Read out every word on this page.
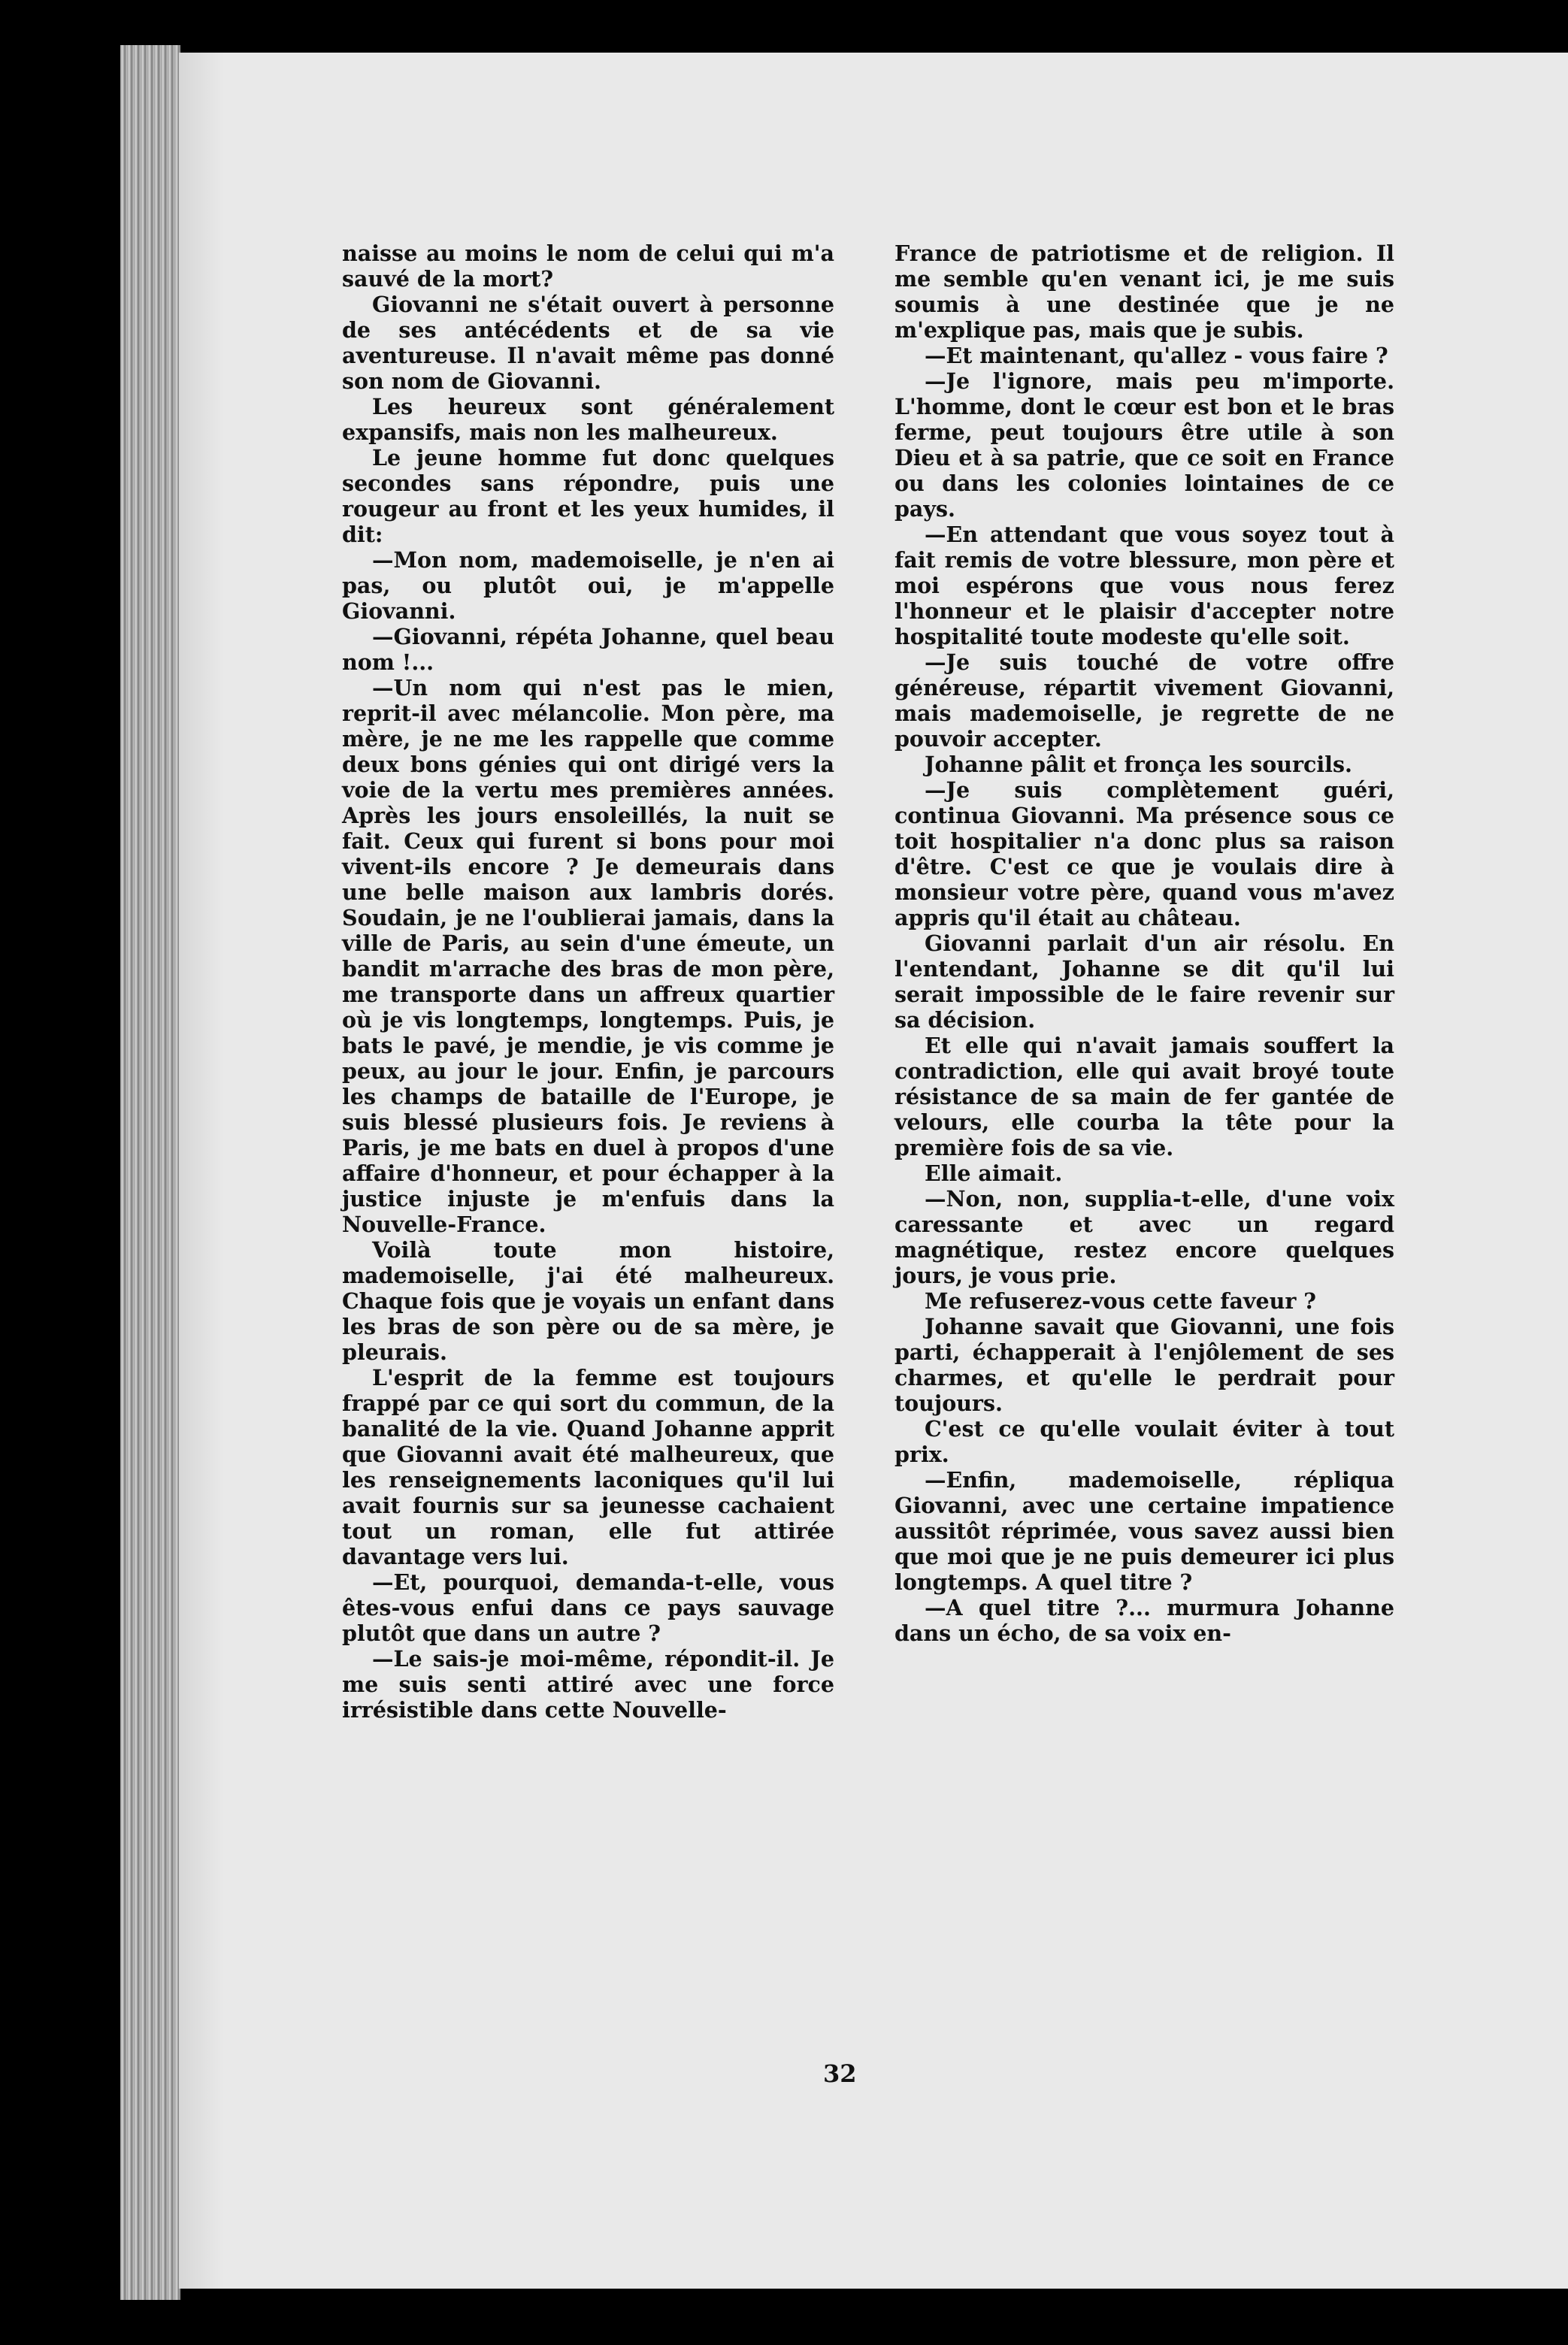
naisse au moins le nom de celui qui m'a sauvé de la mort?

Giovanni ne s'était ouvert à personne de ses antécédents et de sa vie aventureuse. Il n'avait même pas donné son nom de Giovanni.

Les heureux sont généralement expansifs, mais non les malheureux.

Le jeune homme fut donc quelques secondes sans répondre, puis une rougeur au front et les yeux humides, il dit:

—Mon nom, mademoiselle, je n'en ai pas, ou plutôt oui, je m'appelle Giovanni.

—Giovanni, répéta Johanne, quel beau nom !...

—Un nom qui n'est pas le mien, reprit-il avec mélancolie. Mon père, ma mère, je ne me les rappelle que comme deux bons génies qui ont dirigé vers la voie de la vertu mes premières années. Après les jours ensoleillés, la nuit se fait. Ceux qui furent si bons pour moi vivent-ils encore ? Je demeurais dans une belle maison aux lambris dorés. Soudain, je ne l'oublierai jamais, dans la ville de Paris, au sein d'une émeute, un bandit m'arrache des bras de mon père, me transporte dans un affreux quartier où je vis longtemps, longtemps. Puis, je bats le pavé, je mendie, je vis comme je peux, au jour le jour. Enfin, je parcours les champs de bataille de l'Europe, je suis blessé plusieurs fois. Je reviens à Paris, je me bats en duel à propos d'une affaire d'honneur, et pour échapper à la justice injuste je m'enfuis dans la Nouvelle-France.

Voilà toute mon histoire, mademoiselle, j'ai été malheureux. Chaque fois que je voyais un enfant dans les bras de son père ou de sa mère, je pleurais.

L'esprit de la femme est toujours frappé par ce qui sort du commun, de la banalité de la vie. Quand Johanne apprit que Giovanni avait été malheureux, que les renseignements laconiques qu'il lui avait fournis sur sa jeunesse cachaient tout un roman, elle fut attirée davantage vers lui.

—Et, pourquoi, demanda-t-elle, vous êtes-vous enfui dans ce pays sauvage plutôt que dans un autre ?

—Le sais-je moi-même, répondit-il. Je me suis senti attiré avec une force irrésistible dans cette Nouvelle-

France de patriotisme et de religion. Il me semble qu'en venant ici, je me suis soumis à une destinée que je ne m'explique pas, mais que je subis.

—Et maintenant, qu'allez - vous faire ?

—Je l'ignore, mais peu m'importe. L'homme, dont le cœur est bon et le bras ferme, peut toujours être utile à son Dieu et à sa patrie, que ce soit en France ou dans les colonies lointaines de ce pays.

—En attendant que vous soyez tout à fait remis de votre blessure, mon père et moi espérons que vous nous ferez l'honneur et le plaisir d'accepter notre hospitalité toute modeste qu'elle soit.

—Je suis touché de votre offre généreuse, répartit vivement Giovanni, mais mademoiselle, je regrette de ne pouvoir accepter.

Johanne pâlit et fronça les sourcils.

—Je suis complètement guéri, continua Giovanni. Ma présence sous ce toit hospitalier n'a donc plus sa raison d'être. C'est ce que je voulais dire à monsieur votre père, quand vous m'avez appris qu'il était au château.

Giovanni parlait d'un air résolu. En l'entendant, Johanne se dit qu'il lui serait impossible de le faire revenir sur sa décision.

Et elle qui n'avait jamais souffert la contradiction, elle qui avait broyé toute résistance de sa main de fer gantée de velours, elle courba la tête pour la première fois de sa vie.

Elle aimait.

—Non, non, supplia-t-elle, d'une voix caressante et avec un regard magnétique, restez encore quelques jours, je vous prie.

Me refuserez-vous cette faveur ?

Johanne savait que Giovanni, une fois parti, échapperait à l'enjôlement de ses charmes, et qu'elle le perdrait pour toujours.

C'est ce qu'elle voulait éviter à tout prix.

—Enfin, mademoiselle, répliqua Giovanni, avec une certaine impatience aussitôt réprimée, vous savez aussi bien que moi que je ne puis demeurer ici plus longtemps. A quel titre ?

—A quel titre ?... murmura Johanne dans un écho, de sa voix en-

32
